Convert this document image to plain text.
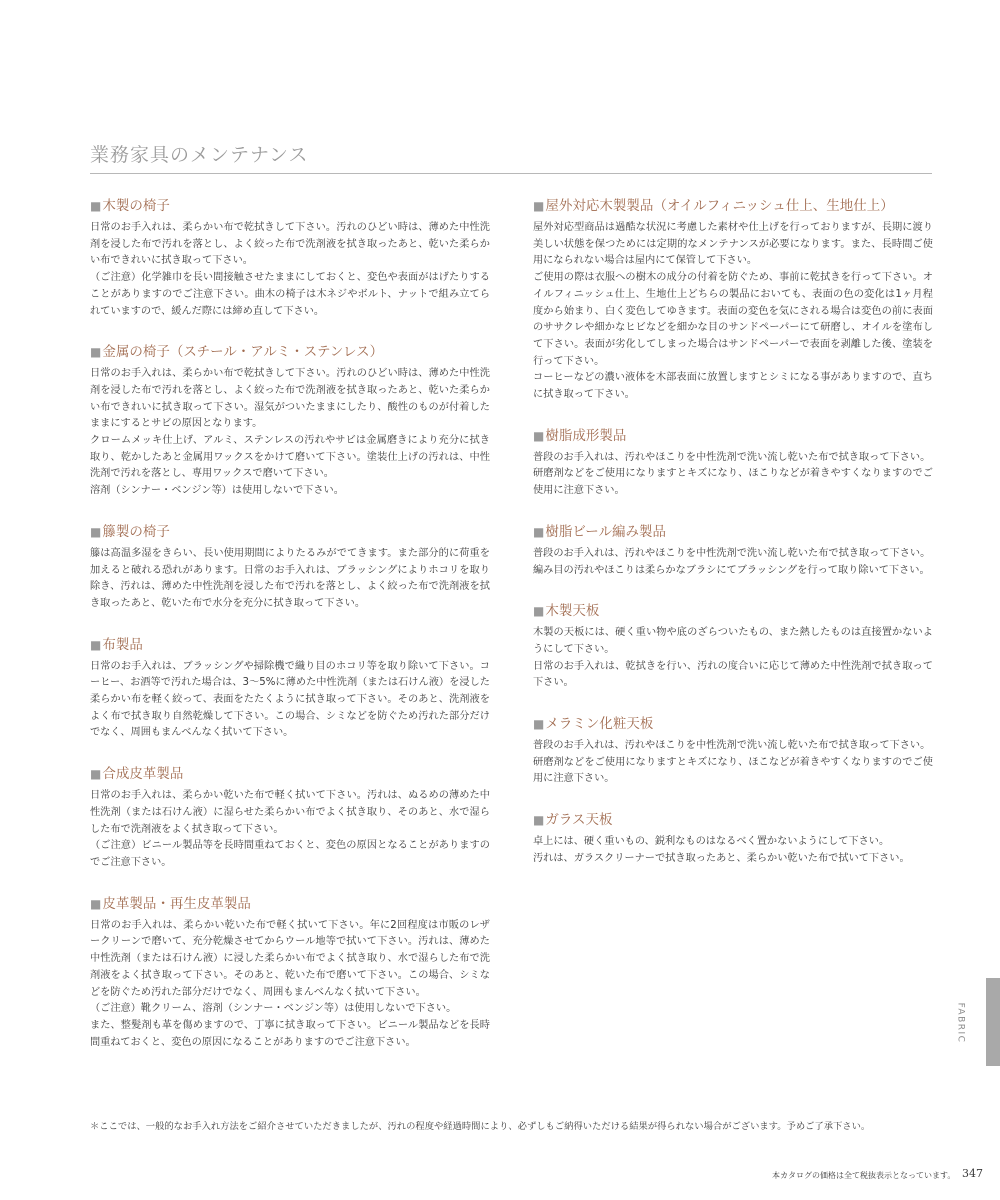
業務家具のメンテナンス
■木製の椅子

日常のお手入れは、柔らかい布で乾拭きして下さい。汚れのひどい時は、薄めた中性洗剤を浸した布で汚れを落とし、よく絞った布で洗剤液を拭き取ったあと、乾いた柔らかい布できれいに拭き取って下さい。

（ご注意）化学雑巾を長い間接触させたままにしておくと、変色や表面がはげたりすることがありますのでご注意下さい。曲木の椅子は木ネジやボルト、ナットで組み立てられていますので、緩んだ際には締め直して下さい。

■金属の椅子（スチール・アルミ・ステンレス）

日常のお手入れは、柔らかい布で乾拭きして下さい。汚れのひどい時は、薄めた中性洗剤を浸した布で汚れを落とし、よく絞った布で洗剤液を拭き取ったあと、乾いた柔らかい布できれいに拭き取って下さい。湿気がついたままにしたり、酸性のものが付着したままにするとサビの原因となります。

クロームメッキ仕上げ、アルミ、ステンレスの汚れやサビは金属磨きにより充分に拭き取り、乾かしたあと金属用ワックスをかけて磨いて下さい。塗装仕上げの汚れは、中性洗剤で汚れを落とし、専用ワックスで磨いて下さい。

溶剤（シンナー・ベンジン等）は使用しないで下さい。

■籐製の椅子

籐は高温多湿をきらい、長い使用期間によりたるみがでてきます。また部分的に荷重を加えると破れる恐れがあります。日常のお手入れは、ブラッシングによりホコリを取り除き、汚れは、薄めた中性洗剤を浸した布で汚れを落とし、よく絞った布で洗剤液を拭き取ったあと、乾いた布で水分を充分に拭き取って下さい。

■布製品

日常のお手入れは、ブラッシングや掃除機で織り目のホコリ等を取り除いて下さい。コーヒー、お酒等で汚れた場合は、3〜5%に薄めた中性洗剤（または石けん液）を浸した柔らかい布を軽く絞って、表面をたたくように拭き取って下さい。そのあと、洗剤液をよく布で拭き取り自然乾燥して下さい。この場合、シミなどを防ぐため汚れた部分だけでなく、周囲もまんべんなく拭いて下さい。

■合成皮革製品

日常のお手入れは、柔らかい乾いた布で軽く拭いて下さい。汚れは、ぬるめの薄めた中性洗剤（または石けん液）に湿らせた柔らかい布でよく拭き取り、そのあと、水で湿らした布で洗剤液をよく拭き取って下さい。

（ご注意）ビニール製品等を長時間重ねておくと、変色の原因となることがありますのでご注意下さい。

■皮革製品・再生皮革製品

日常のお手入れは、柔らかい乾いた布で軽く拭いて下さい。年に2回程度は市販のレザークリーンで磨いて、充分乾燥させてからウール地等で拭いて下さい。汚れは、薄めた中性洗剤（または石けん液）に浸した柔らかい布でよく拭き取り、水で湿らした布で洗剤液をよく拭き取って下さい。そのあと、乾いた布で磨いて下さい。この場合、シミなどを防ぐため汚れた部分だけでなく、周囲もまんべんなく拭いて下さい。

（ご注意）靴クリーム、溶剤（シンナー・ベンジン等）は使用しないで下さい。

また、整髪剤も革を傷めますので、丁寧に拭き取って下さい。ビニール製品などを長時間重ねておくと、変色の原因になることがありますのでご注意下さい。

■屋外対応木製製品（オイルフィニッシュ仕上、生地仕上）

屋外対応型商品は過酷な状況に考慮した素材や仕上げを行っておりますが、長期に渡り美しい状態を保つためには定期的なメンテナンスが必要になります。また、長時間ご使用になられない場合は屋内にて保管して下さい。

ご使用の際は衣服への樹木の成分の付着を防ぐため、事前に乾拭きを行って下さい。オイルフィニッシュ仕上、生地仕上どちらの製品においても、表面の色の変化は1ヶ月程度から始まり、白く変色してゆきます。表面の変色を気にされる場合は変色の前に表面のササクレや細かなヒビなどを細かな目のサンドペーパーにて研磨し、オイルを塗布して下さい。表面が劣化してしまった場合はサンドペーパーで表面を剥離した後、塗装を行って下さい。

コーヒーなどの濃い液体を木部表面に放置しますとシミになる事がありますので、直ちに拭き取って下さい。

■樹脂成形製品

普段のお手入れは、汚れやほこりを中性洗剤で洗い流し乾いた布で拭き取って下さい。

研磨剤などをご使用になりますとキズになり、ほこりなどが着きやすくなりますのでご使用に注意下さい。

■樹脂ビール編み製品

普段のお手入れは、汚れやほこりを中性洗剤で洗い流し乾いた布で拭き取って下さい。

編み目の汚れやほこりは柔らかなブラシにてブラッシングを行って取り除いて下さい。

■木製天板

木製の天板には、硬く重い物や底のざらついたもの、また熱したものは直接置かないようにして下さい。

日常のお手入れは、乾拭きを行い、汚れの度合いに応じて薄めた中性洗剤で拭き取って下さい。

■メラミン化粧天板

普段のお手入れは、汚れやほこりを中性洗剤で洗い流し乾いた布で拭き取って下さい。

研磨剤などをご使用になりますとキズになり、ほこなどが着きやすくなりますのでご使用に注意下さい。

■ガラス天板

卓上には、硬く重いもの、鋭利なものはなるべく置かないようにして下さい。

汚れは、ガラスクリーナーで拭き取ったあと、柔らかい乾いた布で拭いて下さい。

＊ここでは、一般的なお手入れ方法をご紹介させていただきましたが、汚れの程度や経過時間により、必ずしもご納得いただける結果が得られない場合がございます。予めご了承下さい。
FABRIC
本カタログの価格は全て税抜表示となっています。 347
